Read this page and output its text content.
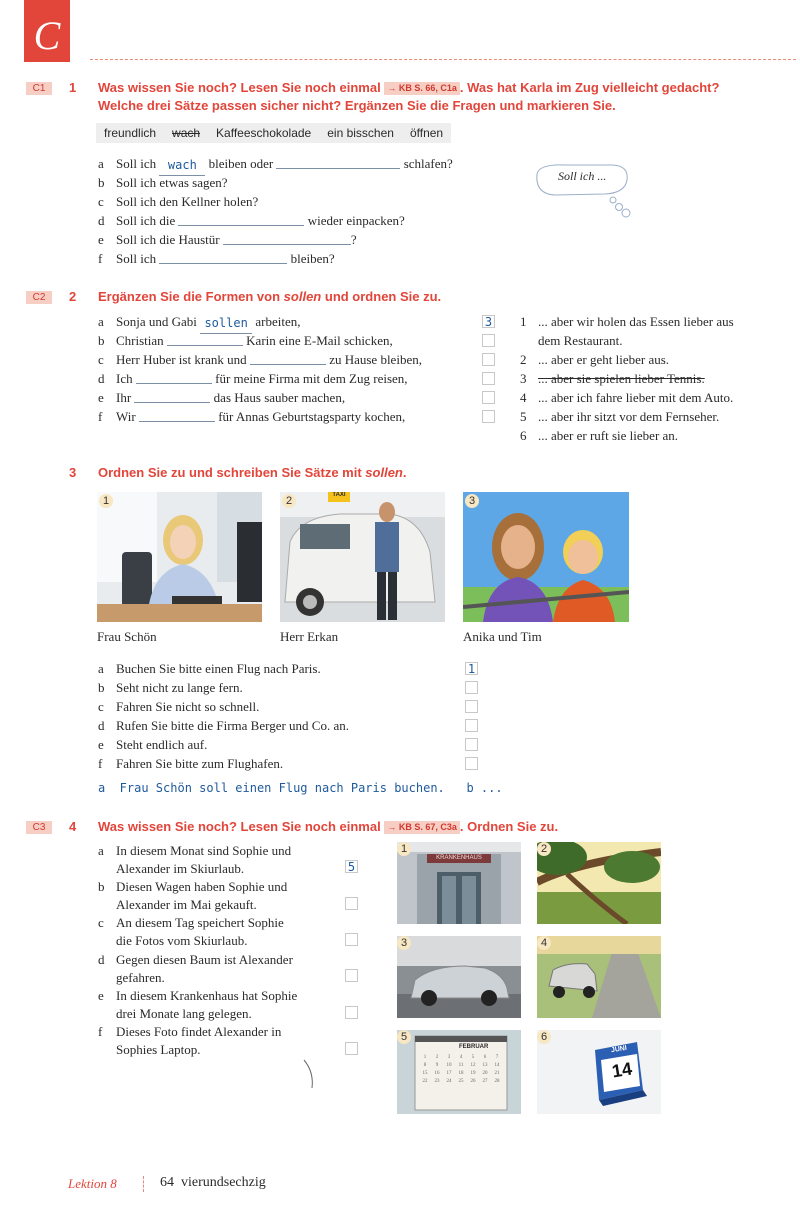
C
C1	1 Was wissen Sie noch? Lesen Sie noch einmal → KB S. 66, C1a . Was hat Karla im Zug vielleicht gedacht?
Welche drei Sätze passen sicher nicht? Ergänzen Sie die Fragen und markieren Sie.
freundlich	wach	Kaffeeschokolade	ein bisschen	öffnen
a Soll ich wach bleiben oder	schlafen?
b Soll ich etwas sagen?
c Soll ich den Kellner holen?
d Soll ich die	wieder einpacken?
e Soll ich die Haustür	?
f Soll ich	bleiben?
Soll ich ...
C2	2 Ergänzen Sie die Formen von sollen und ordnen Sie zu.
a Sonja und Gabi sollen arbeiten,
b Christian	Karin eine E-Mail schicken,
c Herr Huber ist krank und	zu Hause bleiben,
d Ich	für meine Firma mit dem Zug reisen,
e Ihr	das Haus sauber machen,
f Wir	für Annas Geburtstagsparty kochen,
3 1 ... aber wir holen das Essen lieber aus
dem Restaurant.
2 ... aber er geht lieber aus.
3 ... aber sie spielen lieber Tennis.
4 ... aber ich fahre lieber mit dem Auto.
5 ... aber ihr sitzt vor dem Fernseher.
6 ... aber er ruft sie lieber an.
3 Ordnen Sie zu und schreiben Sie Sätze mit sollen.
1
Frau Schön
TAXI
2
Herr Erkan
3
Anika und Tim
a Buchen Sie bitte einen Flug nach Paris.
b Seht nicht zu lange fern.
c Fahren Sie nicht so schnell.
d Rufen Sie bitte die Firma Berger und Co. an.
e Steht endlich auf.
f Fahren Sie bitte zum Flughafen.
1
a  Frau Schön soll einen Flug nach Paris buchen.   b ...
C3	4 Was wissen Sie noch? Lesen Sie noch einmal → KB S. 67, C3a . Ordnen Sie zu.
a In diesem Monat sind Sophie und
Alexander im Skiurlaub.
b Diesen Wagen haben Sophie und
Alexander im Mai gekauft.
c An diesem Tag speichert Sophie
die Fotos vom Skiurlaub.
d Gegen diesen Baum ist Alexander
gefahren.
e In diesem Krankenhaus hat Sophie
drei Monate lang gelegen.
f Dieses Foto findet Alexander in
Sophies Laptop.
5
KRANKENHAUS
1	2
3	4
FEBRUAR
1	2	3	4	5	6	7
8	9	10	11	12	13	14
15	16	17	18	19	20	21
22	23	24	25	26	27	28
5
JUNI
14
6
Lektion 8	64 vierundsechzig
